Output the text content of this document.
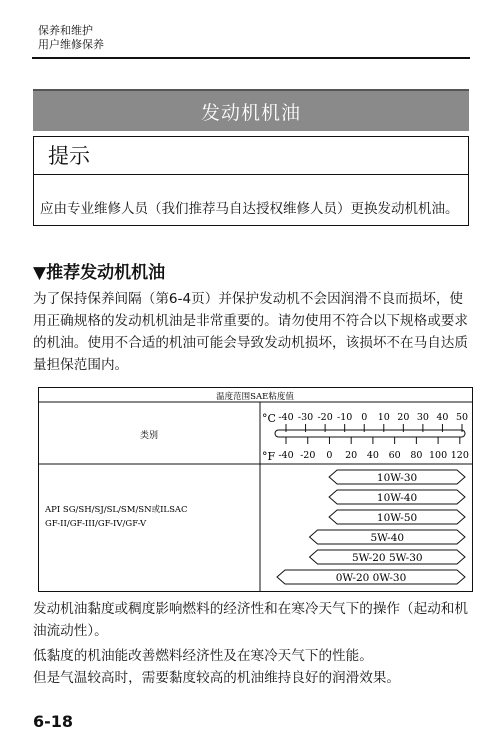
保养和维护
用户维修保养
发动机机油
提示
应由专业维修人员（我们推荐马自达授权维修人员）更换发动机机油。
▼推荐发动机机油
为了保持保养间隔（第6-4页）并保护发动机不会因润滑不良而损坏，使用正确规格的发动机机油是非常重要的。请勿使用不符合以下规格或要求的机油。使用不合适的机油可能会导致发动机损坏，该损坏不在马自达质量担保范围内。
温度范围SAE粘度值
类别
°C
°F
-40 -30 -20 -10 0 10 20 30 40 50
-40 -20 0 20 40 60 80 100 120
API SG/SH/SJ/SL/SM/SN或ILSAC
GF-II/GF-III/GF-IV/GF-V
10W-30
10W-40
10W-50
5W-40
5W-20 5W-30
0W-20 0W-30
发动机油黏度或稠度影响燃料的经济性和在寒冷天气下的操作（起动和机油流动性）。
低黏度的机油能改善燃料经济性及在寒冷天气下的性能。
但是气温较高时，需要黏度较高的机油维持良好的润滑效果。
6-18
